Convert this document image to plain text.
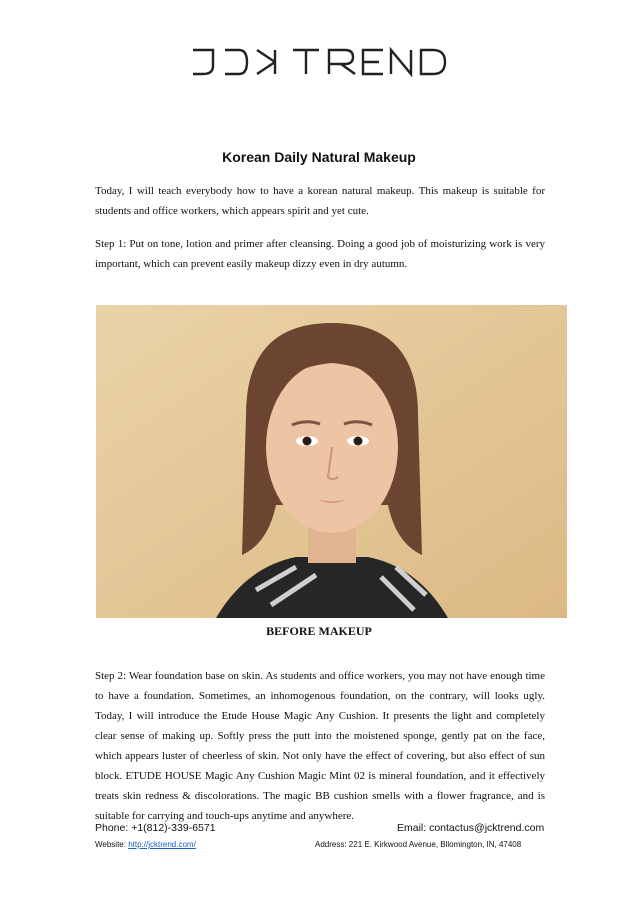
Korean Daily Natural Makeup

Today, I will teach everybody how to have a korean natural makeup. This makeup is suitable for students and office workers, which appears spirit and yet cute.

Step 1: Put on tone, lotion and primer after cleansing. Doing a good job of moisturizing work is very important, which can prevent easily makeup dizzy even in dry autumn.

BEFORE MAKEUP

Step 2: Wear foundation base on skin. As students and office workers, you may not have enough time to have a foundation. Sometimes, an inhomogenous foundation, on the contrary, will looks ugly. Today, I will introduce the Etude House Magic Any Cushion. It presents the light and completely clear sense of making up. Softly press the putt into the moistened sponge, gently pat on the face, which appears luster of cheerless of skin. Not only have the effect of covering, but also effect of sun block. ETUDE HOUSE Magic Any Cushion Magic Mint 02 is mineral foundation, and it effectively treats skin redness & discolorations. The magic BB cushion smells with a flower fragrance, and is suitable for carrying and touch-ups anytime and anywhere.

Phone: +1(812)-339-6571	Email: contactus@jcktrend.com
Website: http://jcktrend.com/	Address: 221 E. Kirkwood Avenue, Bllomington, IN, 47408
